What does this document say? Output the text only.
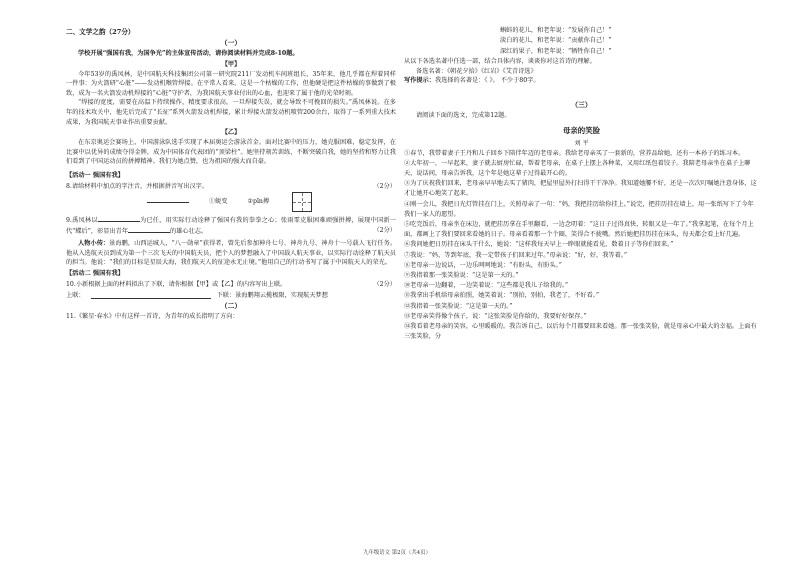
二、文学之韵（27分）
（一）
学校开展“强国有我，为国争光”的主体宣传活动，请你阅读材料并完成8-10题。
【甲】

今年53岁的禹凤林，是中国航天科技集团公司第一研究院211厂发动机车间班组长，35年来，他几乎都在焊着同样一件事：为火箭研“心脏”——发动机喉管焊接。在平常人看来，这是一个枯燥的工作，但他硬是把这件枯燥的事做到了极致，成为一名火箭发动机焊接的“心脏”守护者，为我国航天事业付出的心血，也迎来了属于他的光荣时刻。

“焊接的宽度，需要在高温下持续操作，精度要求很高，一旦焊接失误，就会导致不可挽回的损失。”禹凤林说。在多年的技术攻关中，他先后完成了“长征”系列火箭发动机焊接，累计焊接火箭发动机喷管200余台，取得了一系列重大技术成果，为我国航天事业作出重要贡献。

【乙】

在东京奥运会赛场上，中国游泳队选手实现了本届奥运会游泳首金。面对比赛中的压力，她克服困难，稳定发挥，在比赛中以优异的成绩夺得金牌，成为中国体育代表团的“顶梁柱”。她坚持刻苦训练，不断突破自我，她的坚持和努力让我们看到了中国运动员的拼搏精神。我们为她点赞，也为祖国的强大而自豪。

【活动一 强国有我】
8.请给材料中加点的字注音，并根据拼音写出汉字。	（2分）
①蜕变	②pīn搏

9.禹凤林以	为已任，用实际行动诠释了强国有我的拳拳之心；张雨霏克服困难顽强拼搏，展现中国新一代“蝶后”，彰显出青年	的雄心壮志。	（2分）

人物小传：景海鹏，山西运城人，“八一勋章”获得者，曾先后参加神舟七号、神舟九号、神舟十一号载人飞行任务。他从入选航天员到成为第一个三次飞天的中国航天员，把个人的梦想融入了中国载人航天事业，以实际行动诠释了航天员的担当。他说：“我们的目标是星辰大海，我们航天人的征途永无止境。”他用自己的行动书写了属于中国航天人的荣光。

【活动二 强国有我】
10.小新根据上面的材料拟出了下联，请你根据【甲】或【乙】的内容写出上联。	（2分）
上联：	下联：景海鹏翔云揽极限，实现航天梦想
（二）
11.《繁星·春水》中有这样一首诗，为青年的成长指明了方向：
蝌蚪的花儿，和老年说：“发展你自己！”
淡白的花儿，和老年说：“贡献你自己！”
深红的果子，和老年说：“牺牲你自己！”
从以下各选名著中任选一部，结合具体内容，谈谈你对这首诗的理解。
备选名著：《朝花夕拾》《红岩》《艾青诗选》
写作提示：我选择的名著是：《 》。 不少于80字。
（三）
请阅读下面的选文，完成第12题。
母亲的笑脸
刘 平

①春节，我带着妻子王丹和儿子回乡下陪伴年迈的老母亲。我给老母亲买了一套新的，营养品给她，还有一本孙子的练习本。

②大年初一，一早起来，妻子就去厨房忙碌，帮着老母亲，在桌子上摆上各种菜，又用红纸包着饺子。我陪老母亲坐在桌子上聊天，说话间，母亲告诉我，这个年是她这辈子过得最开心的。

③为了庆祝我们回来，老母亲早早地去买了猪肉，把屋里屋外打扫得干干净净。我知道她腰不好，还是一次次叮嘱她注意身体，这才让她开心地笑了起来。

④刚一会儿，我把日光灯管挂在门上，关照母亲了一句：“妈，我把挂历给你挂上。”说完，把挂历挂在墙上，用一张纸写下了今年我们一家人的愿望。

⑤吃完饭后，母亲坐在床边，就把挂历拿在手里翻看，一边念叨着：“这日子过得真快，转眼又是一年了。”我拿起笔，在每个月上面，都画上了我们要回来看她的日子。母亲看着那一个个圈，笑得合不拢嘴。然后她把挂历挂在床头，每天都会看上好几遍。

⑥我问她把日历挂在床头干什么，她说：“这样我每天早上一睁眼就能看见，数着日子等你们回来。”

⑦我说：“妈，等到年底，我一定带孩子们回来过年。”母亲说：“好，好，我等着。”

⑧老母亲一边说话，一边乐呵呵地说：“有盼头，有盼头。”

⑨我指着那一张笑脸说：“这是第一天的。”

⑩老母亲一边翻着，一边笑着说：“这些都是我儿子给我的。”

⑪我拿出手机给母亲拍照，她笑着说：“别拍，别拍，我老了，不好看。”

⑫我指着一张笑脸说：“这是第一天的。”

⑬老母亲笑得像个孩子，说：“这张笑脸是你给的，我要好好保存。”

⑭我看着老母亲的笑容，心里暖暖的。我告诉自己，以后每个月都要回来看她。那一张张笑脸，就是母亲心中最大的幸福。上面有三张笑脸，分

九年级语文 第2页（共4页）
